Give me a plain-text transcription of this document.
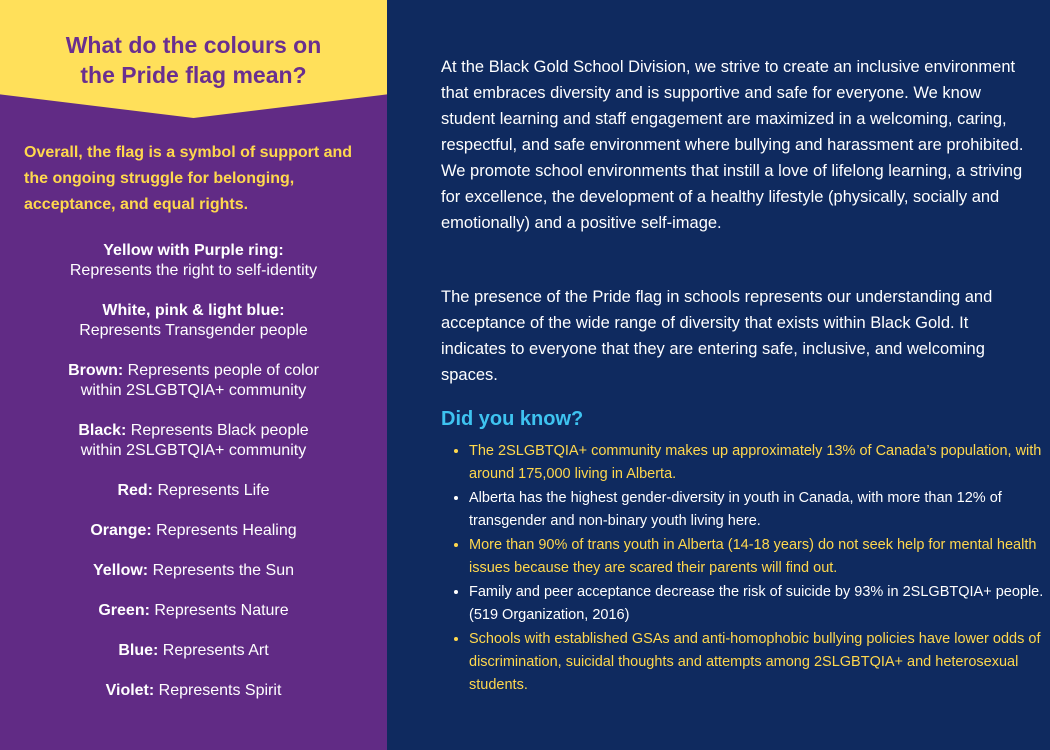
What do the colours on
the Pride flag mean?
Overall, the flag is a symbol of support and the ongoing struggle for belonging, acceptance, and equal rights.
Yellow with Purple ring:
Represents the right to self-identity
White, pink & light blue:
Represents Transgender people
Brown: Represents people of color
within 2SLGBTQIA+ community
Black: Represents Black people
within 2SLGBTQIA+ community
Red: Represents Life
Orange: Represents Healing
Yellow: Represents the Sun
Green: Represents Nature
Blue: Represents Art
Violet: Represents Spirit

At the Black Gold School Division, we strive to create an inclusive environment that embraces diversity and is supportive and safe for everyone. We know student learning and staff engagement are maximized in a welcoming, caring, respectful, and safe environment where bullying and harassment are prohibited. We promote school environments that instill a love of lifelong learning, a striving for excellence, the development of a healthy lifestyle (physically, socially and emotionally) and a positive self-image.

The presence of the Pride flag in schools represents our understanding and acceptance of the wide range of diversity that exists within Black Gold. It indicates to everyone that they are entering safe, inclusive, and welcoming spaces.

Did you know?
• The 2SLGBTQIA+ community makes up approximately 13% of Canada’s population, with around 175,000 living in Alberta.
• Alberta has the highest gender-diversity in youth in Canada, with more than 12% of transgender and non-binary youth living here.
• More than 90% of trans youth in Alberta (14-18 years) do not seek help for mental health issues because they are scared their parents will find out.
• Family and peer acceptance decrease the risk of suicide by 93% in 2SLGBTQIA+ people. (519 Organization, 2016)
• Schools with established GSAs and anti-homophobic bullying policies have lower odds of discrimination, suicidal thoughts and attempts among 2SLGBTQIA+ and heterosexual students.
